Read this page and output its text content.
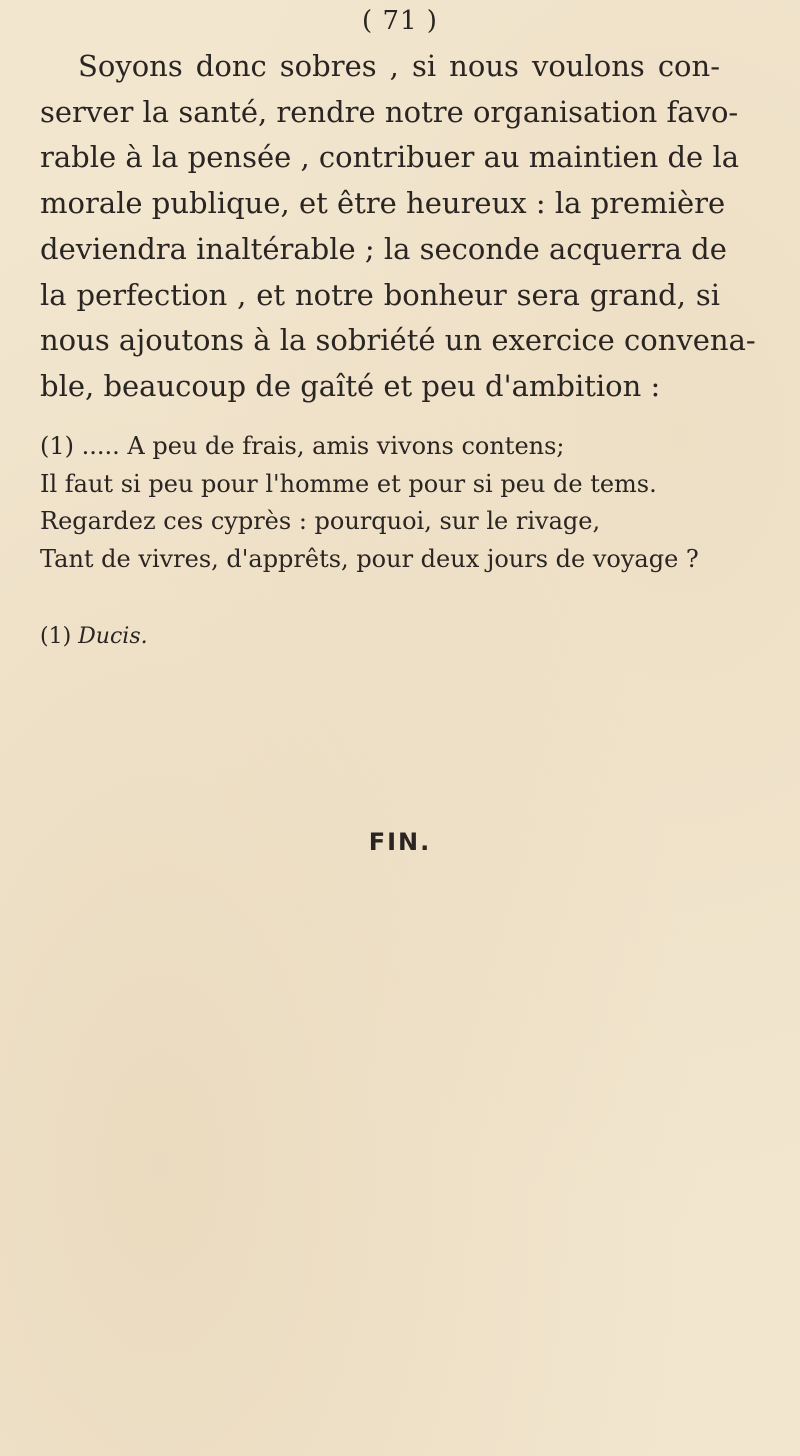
( 71 )
Soyons donc sobres , si nous voulons con-
server la santé, rendre notre organisation favo-
rable à la pensée , contribuer au maintien de la
morale publique, et être heureux : la première
deviendra inaltérable ; la seconde acquerra de
la perfection , et notre bonheur sera grand, si
nous ajoutons à la sobriété un exercice convena-
ble, beaucoup de gaîté et peu d'ambition :
(1) ..... A peu de frais, amis vivons contens;
Il faut si peu pour l'homme et pour si peu de tems.
Regardez ces cyprès : pourquoi, sur le rivage,
Tant de vivres, d'apprêts, pour deux jours de voyage ?
(1) Ducis.
FIN.
